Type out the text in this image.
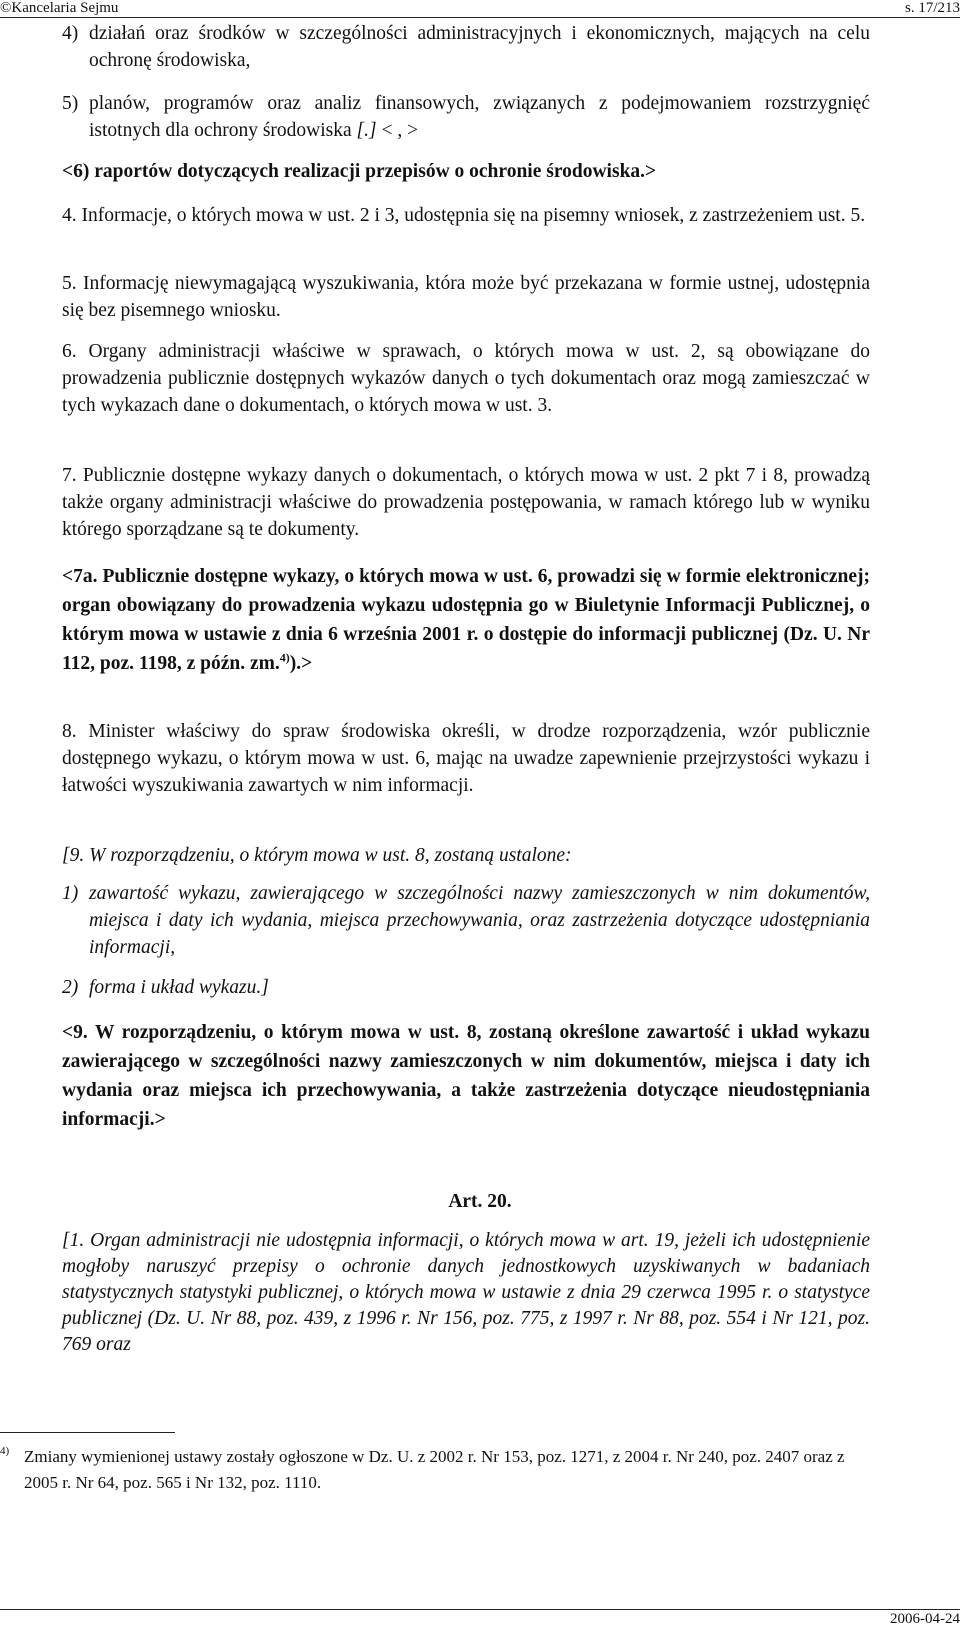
©Kancelaria Sejmu	s. 17/213
4) działań oraz środków w szczególności administracyjnych i ekonomicznych, mających na celu ochronę środowiska,
5) planów, programów oraz analiz finansowych, związanych z podejmowaniem rozstrzygnięć istotnych dla ochrony środowiska [.] < , >
<6) raportów dotyczących realizacji przepisów o ochronie środowiska.>
4. Informacje, o których mowa w ust. 2 i 3, udostępnia się na pisemny wniosek, z zastrzeżeniem ust. 5.
5. Informację niewymagającą wyszukiwania, która może być przekazana w formie ustnej, udostępnia się bez pisemnego wniosku.
6. Organy administracji właściwe w sprawach, o których mowa w ust. 2, są obowiązane do prowadzenia publicznie dostępnych wykazów danych o tych dokumentach oraz mogą zamieszczać w tych wykazach dane o dokumentach, o których mowa w ust. 3.
7. Publicznie dostępne wykazy danych o dokumentach, o których mowa w ust. 2 pkt 7 i 8, prowadzą także organy administracji właściwe do prowadzenia postępowania, w ramach którego lub w wyniku którego sporządzane są te dokumenty.
<7a. Publicznie dostępne wykazy, o których mowa w ust. 6, prowadzi się w formie elektronicznej; organ obowiązany do prowadzenia wykazu udostępnia go w Biuletynie Informacji Publicznej, o którym mowa w ustawie z dnia 6 września 2001 r. o dostępie do informacji publicznej (Dz. U. Nr 112, poz. 1198, z późn. zm.$^{4)}$).>
8. Minister właściwy do spraw środowiska określi, w drodze rozporządzenia, wzór publicznie dostępnego wykazu, o którym mowa w ust. 6, mając na uwadze zapewnienie przejrzystości wykazu i łatwości wyszukiwania zawartych w nim informacji.
[9. W rozporządzeniu, o którym mowa w ust. 8, zostaną ustalone:
1) zawartość wykazu, zawierającego w szczególności nazwy zamieszczonych w nim dokumentów, miejsca i daty ich wydania, miejsca przechowywania, oraz zastrzeżenia dotyczące udostępniania informacji,
2) forma i układ wykazu.]
<9. W rozporządzeniu, o którym mowa w ust. 8, zostaną określone zawartość i układ wykazu zawierającego w szczególności nazwy zamieszczonych w nim dokumentów, miejsca i daty ich wydania oraz miejsca ich przechowywania, a także zastrzeżenia dotyczące nieudostępniania informacji.>
Art. 20.
[1. Organ administracji nie udostępnia informacji, o których mowa w art. 19, jeżeli ich udostępnienie mogłoby naruszyć przepisy o ochronie danych jednostkowych uzyskiwanych w badaniach statystycznych statystyki publicznej, o których mowa w ustawie z dnia 29 czerwca 1995 r. o statystyce publicznej (Dz. U. Nr 88, poz. 439, z 1996 r. Nr 156, poz. 775, z 1997 r. Nr 88, poz. 554 i Nr 121, poz. 769 oraz
4) Zmiany wymienionej ustawy zostały ogłoszone w Dz. U. z 2002 r. Nr 153, poz. 1271, z 2004 r. Nr 240, poz. 2407 oraz z 2005 r. Nr 64, poz. 565 i Nr 132, poz. 1110.
2006-04-24
